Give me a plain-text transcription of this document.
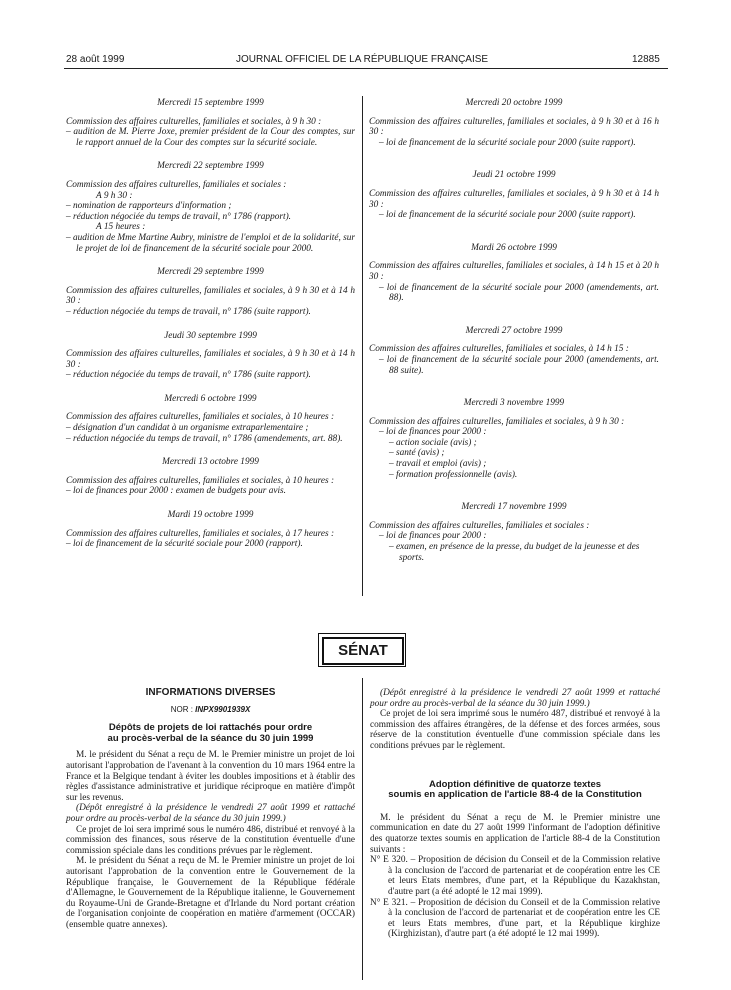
28 août 1999	JOURNAL OFFICIEL DE LA RÉPUBLIQUE FRANÇAISE	12885
Mercredi 15 septembre 1999
Commission des affaires culturelles, familiales et sociales, à 9 h 30 :
– audition de M. Pierre Joxe, premier président de la Cour des comptes, sur le rapport annuel de la Cour des comptes sur la sécurité sociale.
Mercredi 22 septembre 1999
Commission des affaires culturelles, familiales et sociales :
A 9 h 30 :
– nomination de rapporteurs d'information ;
– réduction négociée du temps de travail, n° 1786 (rapport).
A 15 heures :
– audition de Mme Martine Aubry, ministre de l'emploi et de la solidarité, sur le projet de loi de financement de la sécurité sociale pour 2000.
Mercredi 29 septembre 1999
Commission des affaires culturelles, familiales et sociales, à 9 h 30 et à 14 h 30 :
– réduction négociée du temps de travail, n° 1786 (suite rapport).
Jeudi 30 septembre 1999
Commission des affaires culturelles, familiales et sociales, à 9 h 30 et à 14 h 30 :
– réduction négociée du temps de travail, n° 1786 (suite rapport).
Mercredi 6 octobre 1999
Commission des affaires culturelles, familiales et sociales, à 10 heures :
– désignation d'un candidat à un organisme extraparlementaire ;
– réduction négociée du temps de travail, n° 1786 (amendements, art. 88).
Mercredi 13 octobre 1999
Commission des affaires culturelles, familiales et sociales, à 10 heures :
– loi de finances pour 2000 : examen de budgets pour avis.
Mardi 19 octobre 1999
Commission des affaires culturelles, familiales et sociales, à 17 heures :
– loi de financement de la sécurité sociale pour 2000 (rapport).
Mercredi 20 octobre 1999
Commission des affaires culturelles, familiales et sociales, à 9 h 30 et à 16 h 30 :
– loi de financement de la sécurité sociale pour 2000 (suite rapport).
Jeudi 21 octobre 1999
Commission des affaires culturelles, familiales et sociales, à 9 h 30 et à 14 h 30 :
– loi de financement de la sécurité sociale pour 2000 (suite rapport).
Mardi 26 octobre 1999
Commission des affaires culturelles, familiales et sociales, à 14 h 15 et à 20 h 30 :
– loi de financement de la sécurité sociale pour 2000 (amendements, art. 88).
Mercredi 27 octobre 1999
Commission des affaires culturelles, familiales et sociales, à 14 h 15 :
– loi de financement de la sécurité sociale pour 2000 (amendements, art. 88 suite).
Mercredi 3 novembre 1999
Commission des affaires culturelles, familiales et sociales, à 9 h 30 :
– loi de finances pour 2000 :
– action sociale (avis) ;
– santé (avis) ;
– travail et emploi (avis) ;
– formation professionnelle (avis).
Mercredi 17 novembre 1999
Commission des affaires culturelles, familiales et sociales :
– loi de finances pour 2000 :
– examen, en présence de la presse, du budget de la jeunesse et des sports.
SÉNAT
INFORMATIONS DIVERSES
NOR : INPX9901939X
Dépôts de projets de loi rattachés pour ordre
au procès-verbal de la séance du 30 juin 1999

M. le président du Sénat a reçu de M. le Premier ministre un projet de loi autorisant l'approbation de l'avenant à la convention du 10 mars 1964 entre la France et la Belgique tendant à éviter les doubles impositions et à établir des règles d'assistance administrative et juridique réciproque en matière d'impôt sur les revenus.

(Dépôt enregistré à la présidence le vendredi 27 août 1999 et rattaché pour ordre au procès-verbal de la séance du 30 juin 1999.)

Ce projet de loi sera imprimé sous le numéro 486, distribué et renvoyé à la commission des finances, sous réserve de la constitution éventuelle d'une commission spéciale dans les conditions prévues par le règlement.

M. le président du Sénat a reçu de M. le Premier ministre un projet de loi autorisant l'approbation de la convention entre le Gouvernement de la République française, le Gouvernement de la République fédérale d'Allemagne, le Gouvernement de la République italienne, le Gouvernement du Royaume-Uni de Grande-Bretagne et d'Irlande du Nord portant création de l'organisation conjointe de coopération en matière d'armement (OCCAR) (ensemble quatre annexes).

(Dépôt enregistré à la présidence le vendredi 27 août 1999 et rattaché pour ordre au procès-verbal de la séance du 30 juin 1999.)

Ce projet de loi sera imprimé sous le numéro 487, distribué et renvoyé à la commission des affaires étrangères, de la défense et des forces armées, sous réserve de la constitution éventuelle d'une commission spéciale dans les conditions prévues par le règlement.

Adoption définitive de quatorze textes
soumis en application de l'article 88-4 de la Constitution

M. le président du Sénat a reçu de M. le Premier ministre une communication en date du 27 août 1999 l'informant de l'adoption définitive des quatorze textes soumis en application de l'article 88-4 de la Constitution suivants :

N° E 320. – Proposition de décision du Conseil et de la Commission relative à la conclusion de l'accord de partenariat et de coopération entre les CE et leurs Etats membres, d'une part, et la République du Kazakhstan, d'autre part (a été adopté le 12 mai 1999).

N° E 321. – Proposition de décision du Conseil et de la Commission relative à la conclusion de l'accord de partenariat et de coopération entre les CE et leurs Etats membres, d'une part, et la République kirghize (Kirghizistan), d'autre part (a été adopté le 12 mai 1999).
